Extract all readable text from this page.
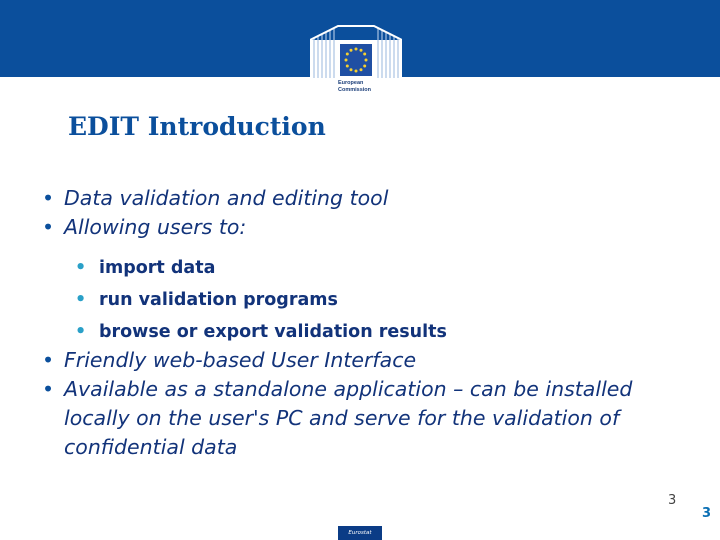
European
Commission
EDIT Introduction
• Data validation and editing tool
• Allowing users to:
• import data
• run validation programs
• browse or export validation results
• Friendly web-based User Interface
• Available as a standalone application – can be installed locally on the user's PC and serve for the validation of confidential data
3
3
Eurostat
